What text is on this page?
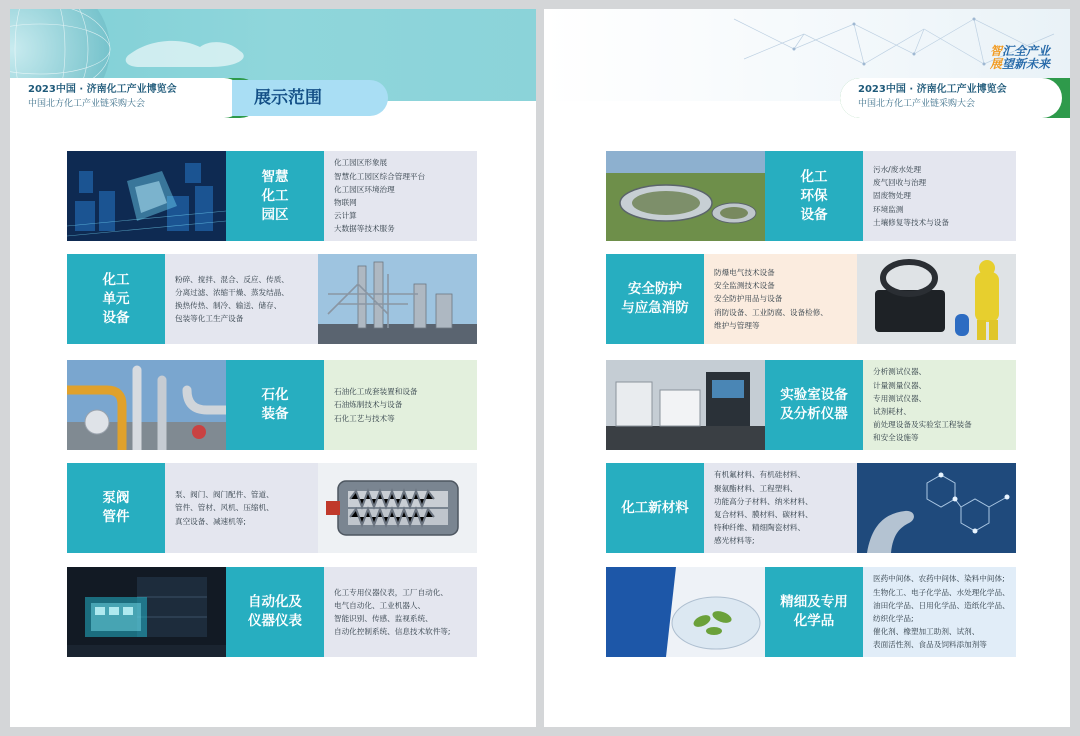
2023中国 · 济南化工产业博览会
中国北方化工产业链采购大会	展示范围
智慧
化工
园区
化工园区形象展
智慧化工园区综合管理平台
化工园区环境治理
物联网
云计算
大数据等技术服务
化工
单元
设备
粉碎、搅拌、混合、反应、传质、
分离过滤、浓缩干燥、蒸发结晶、
换热传热、制冷、输送、储存、
包装等化工生产设备
石化
装备
石油化工成套装置和设备
石油炼制技术与设备
石化工艺与技术等
泵阀
管件
泵、阀门、阀门配件、管道、
管件、管材、风机、压缩机、
真空设备、减速机等;
自动化及
仪器仪表
化工专用仪器仪表，工厂自动化、
电气自动化、工业机器人、
智能识别、传感、监视系统、
自动化控制系统、信息技术软件等;
智汇全产业
展望新未来
2023中国 · 济南化工产业博览会
中国北方化工产业链采购大会
化工
环保
设备
污水/废水处理
废气回收与治理
固废物处理
环境监测
土壤修复等技术与设备
安全防护
与应急消防
防爆电气技术设备
安全监测技术设备
安全防护用品与设备
消防设备、工业防腐、设备检修、
维护与管理等
实验室设备
及分析仪器
分析测试仪器、
计量测量仪器、
专用测试仪器、
试剂耗材、
前处理设备及实验室工程装备
和安全设施等
化工新材料
有机氟材料、有机硅材料、
聚氨酯材料、工程塑料、
功能高分子材料、纳米材料、
复合材料、膜材料、碳材料、
特种纤维、精细陶瓷材料、
感光材料等;
精细及专用
化学品
医药中间体、农药中间体、染料中间体;
生物化工、电子化学品、水处理化学品、
油田化学品、日用化学品、造纸化学品、
纺织化学品;
催化剂、橡塑加工助剂、试剂、
表面活性剂、食品及饲料添加剂等
